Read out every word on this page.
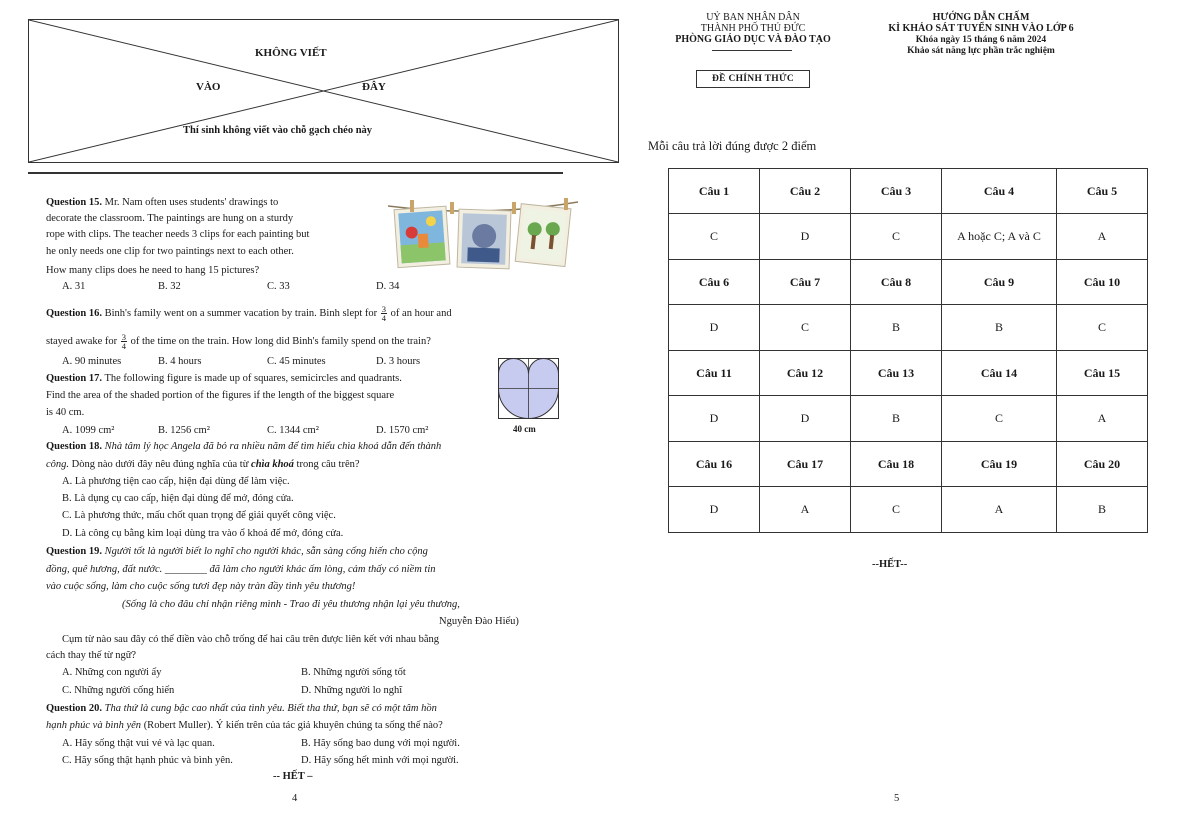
KHÔNG VIẾT
VÀO	ĐÂY
Thí sinh không viết vào chỗ gạch chéo này
Question 15. Mr. Nam often uses students' drawings to
decorate the classroom. The paintings are hung on a sturdy
rope with clips. The teacher needs 3 clips for each painting but
he only needs one clip for two paintings next to each other.
How many clips does he need to hang 15 pictures?
A. 31	B. 32	C. 33	D. 34
Question 16. Binh's family went on a summer vacation by train. Binh slept for $\frac{3}{4}$ of an hour and
stayed awake for $\frac{3}{4}$ of the time on the train. How long did Binh's family spend on the train?
A. 90 minutes	B. 4 hours	C. 45 minutes	D. 3 hours
Question 17. The following figure is made up of squares, semicircles and quadrants.
Find the area of the shaded portion of the figures if the length of the biggest square
is 40 cm.
A. 1099 cm²	B. 1256 cm²	C. 1344 cm²	D. 1570 cm²	40 cm
Question 18. Nhà tâm lý học Angela đã bỏ ra nhiều năm để tìm hiểu chìa khoá dẫn đến thành
công. Dòng nào dưới đây nêu đúng nghĩa của từ chìa khoá trong câu trên?
A. Là phương tiện cao cấp, hiện đại dùng để làm việc.
B. Là dụng cụ cao cấp, hiện đại dùng để mở, đóng cửa.
C. Là phương thức, mấu chốt quan trọng để giải quyết công việc.
D. Là công cụ bằng kim loại dùng tra vào ổ khoá để mở, đóng cửa.
Question 19. Người tốt là người biết lo nghĩ cho người khác, sẵn sàng cống hiến cho cộng
đồng, quê hương, đất nước. ________ đã làm cho người khác ấm lòng, cảm thấy có niềm tin
vào cuộc sống, làm cho cuộc sống tươi đẹp này tràn đầy tình yêu thương!
(Sống là cho đâu chỉ nhận riêng mình - Trao đi yêu thương nhận lại yêu thương,
Nguyễn Đào Hiếu)
Cụm từ nào sau đây có thể điền vào chỗ trống để hai câu trên được liên kết với nhau bằng
cách thay thế từ ngữ?
A. Những con người ấy	B. Những người sống tốt
C. Những người cống hiến	D. Những người lo nghĩ
Question 20. Tha thứ là cung bậc cao nhất của tình yêu. Biết tha thứ, bạn sẽ có một tâm hồn
hạnh phúc và bình yên (Robert Muller). Ý kiến trên của tác giả khuyên chúng ta sống thế nào?
A. Hãy sống thật vui vẻ và lạc quan.	B. Hãy sống bao dung với mọi người.
C. Hãy sống thật hạnh phúc và bình yên.	D. Hãy sống hết mình với mọi người.
-- HẾT –
4
UỶ BAN NHÂN DÂN
THÀNH PHỐ THỦ ĐỨC
PHÒNG GIÁO DỤC VÀ ĐÀO TẠO
ĐỀ CHÍNH THỨC
HƯỚNG DẪN CHẤM
KÌ KHẢO SÁT TUYỂN SINH VÀO LỚP 6
Khóa ngày 15 tháng 6 năm 2024
Khảo sát năng lực phần trắc nghiệm
Mỗi câu trả lời đúng được 2 điểm
Câu 1	Câu 2	Câu 3	Câu 4	Câu 5
C	D	C	A hoặc C; A và C	A
Câu 6	Câu 7	Câu 8	Câu 9	Câu 10
D	C	B	B	C
Câu 11	Câu 12	Câu 13	Câu 14	Câu 15
D	D	B	C	A
Câu 16	Câu 17	Câu 18	Câu 19	Câu 20
D	A	C	A	B
--HẾT--
5
